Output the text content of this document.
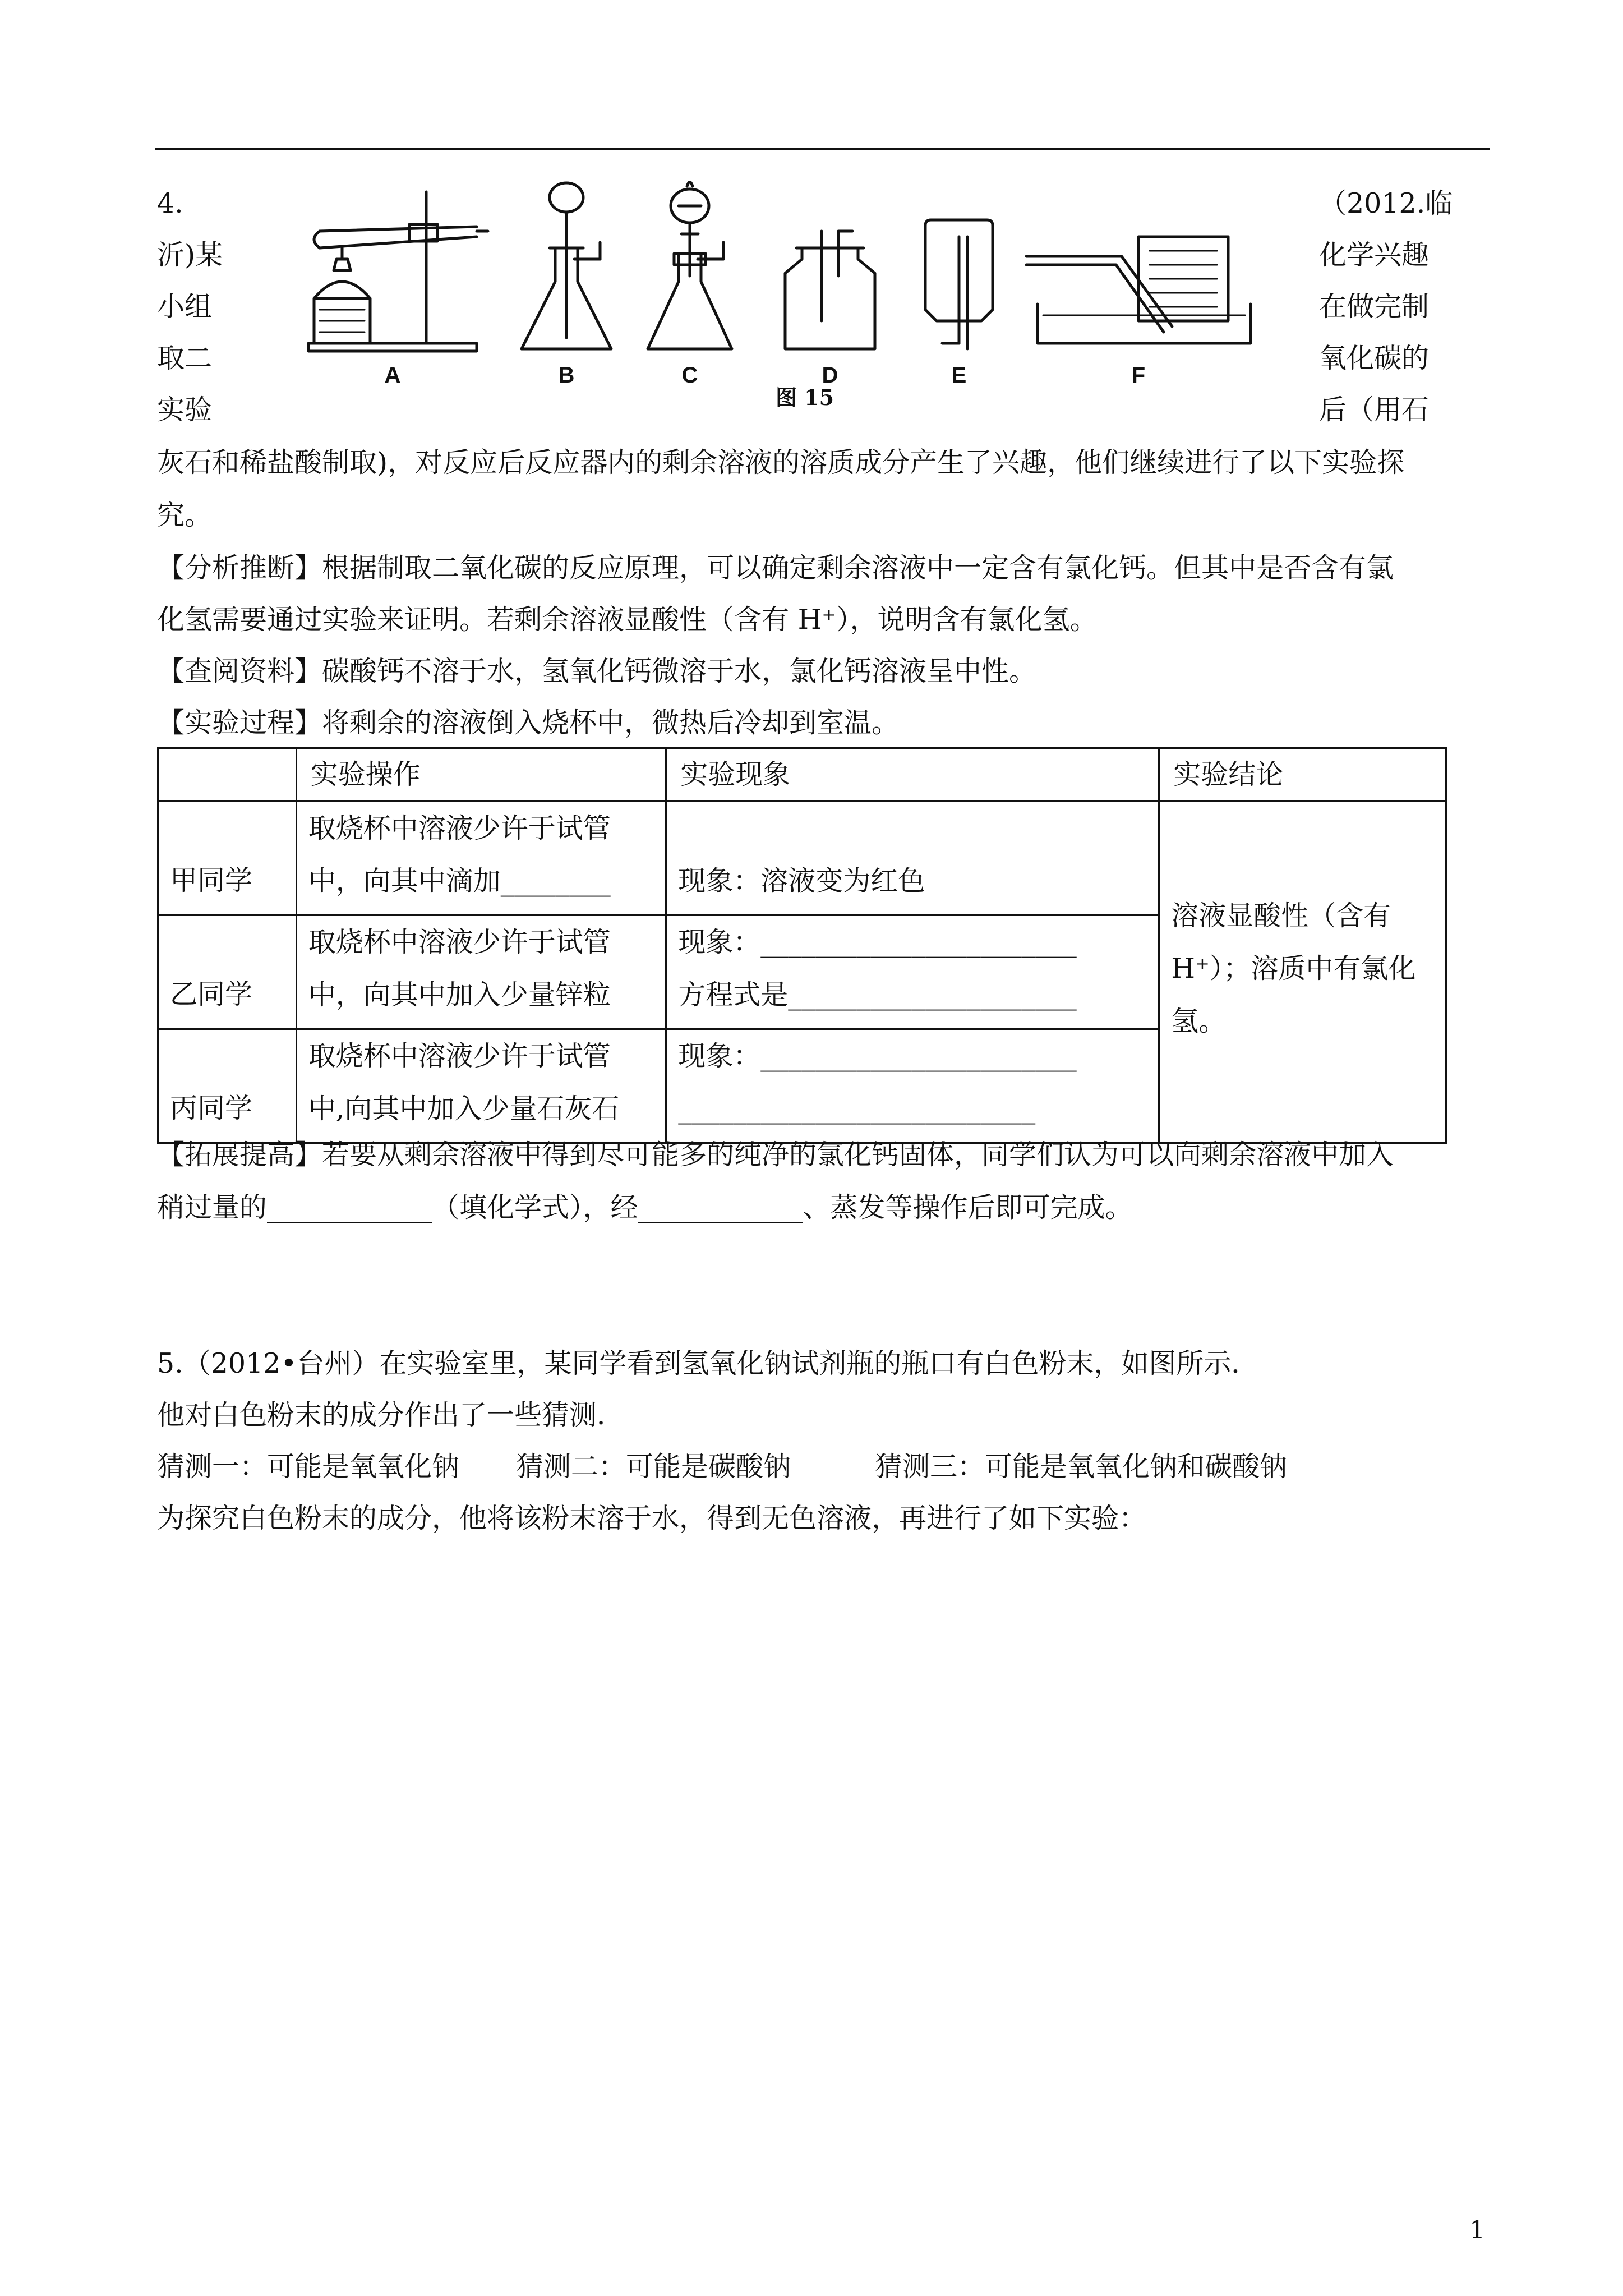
4.	（2012.临
沂)某	化学兴趣
小组	在做完制
取二	氧化碳的
实验	后（用石
A	B	C	D	E	F
图 15
灰石和稀盐酸制取)，对反应后反应器内的剩余溶液的溶质成分产生了兴趣，他们继续进行了以下实验探
究。
【分析推断】根据制取二氧化碳的反应原理，可以确定剩余溶液中一定含有氯化钙。但其中是否含有氯
化氢需要通过实验来证明。若剩余溶液显酸性（含有 H⁺），说明含有氯化氢。
【查阅资料】碳酸钙不溶于水，氢氧化钙微溶于水，氯化钙溶液呈中性。
【实验过程】将剩余的溶液倒入烧杯中，微热后冷却到室温。
	实验操作	实验现象	实验结论
甲同学	取烧杯中溶液少许于试管
中，向其中滴加________	现象：溶液变为红色	溶液显酸性（含有
H⁺）；溶质中有氯化
氢。

乙同学	取烧杯中溶液少许于试管
中，向其中加入少量锌粒	现象：_______________________
方程式是_____________________	

丙同学	取烧杯中溶液少许于试管
中,向其中加入少量石灰石	现象：_______________________
__________________________	
【拓展提高】若要从剩余溶液中得到尽可能多的纯净的氯化钙固体，同学们认为可以向剩余溶液中加入
稍过量的____________（填化学式），经____________、蒸发等操作后即可完成。
5.（2012•台州）在实验室里，某同学看到氢氧化钠试剂瓶的瓶口有白色粉末，如图所示．
他对白色粉末的成分作出了一些猜测．
猜测一：可能是氧氧化钠 猜测二：可能是碳酸钠	猜测三：可能是氧氧化钠和碳酸钠
为探究白色粉末的成分，他将该粉末溶于水，得到无色溶液，再进行了如下实验：
1
